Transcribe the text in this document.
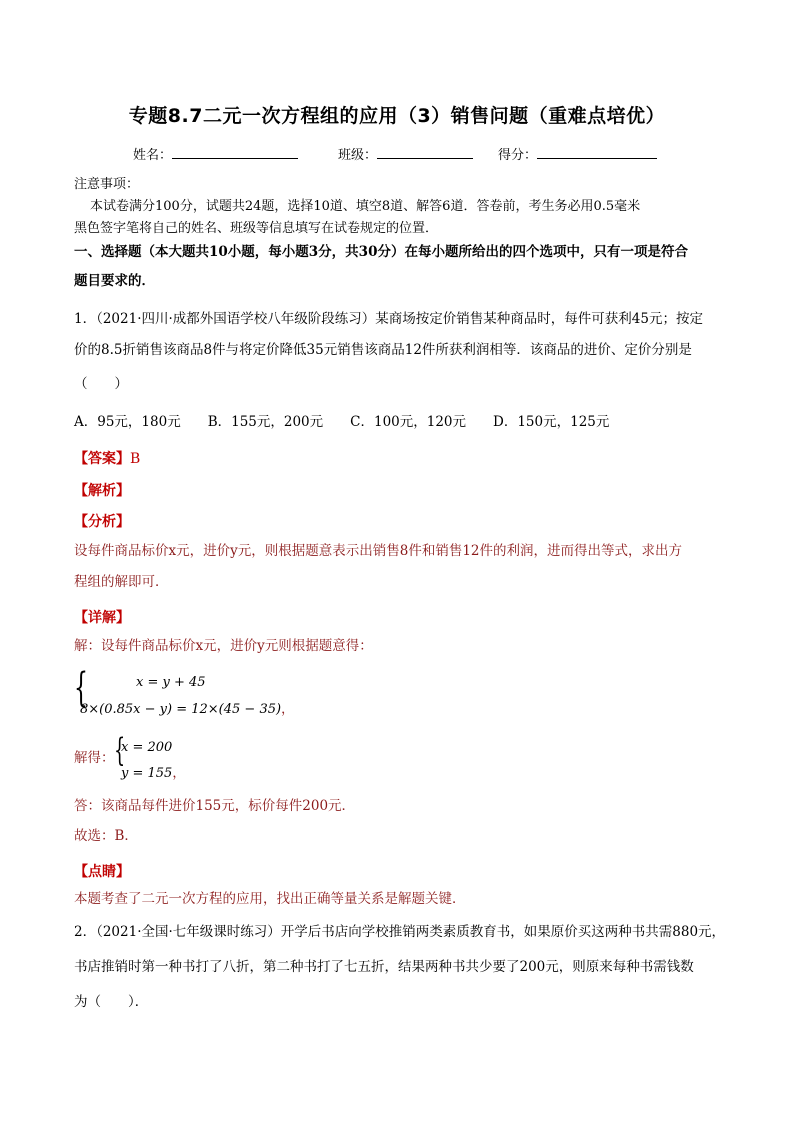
专题8.7二元一次方程组的应用（3）销售问题（重难点培优）
姓名：	班级：	得分：
注意事项：
本试卷满分100分，试题共24题，选择10道、填空8道、解答6道．答卷前，考生务必用0.5毫米
黑色签字笔将自己的姓名、班级等信息填写在试卷规定的位置．
一、选择题（本大题共10小题，每小题3分，共30分）在每小题所给出的四个选项中，只有一项是符合
题目要求的．
1．（2021·四川·成都外国语学校八年级阶段练习）某商场按定价销售某种商品时，每件可获利45元；按定
价的8.5折销售该商品8件与将定价降低35元销售该商品12件所获利润相等．该商品的进价、定价分别是
（　　）
A．95元，180元　　B．155元，200元　　C．100元，120元　　D．150元，125元
【答案】B
【解析】
【分析】
设每件商品标价x元，进价y元，则根据题意表示出销售8件和销售12件的利润，进而得出等式，求出方
程组的解即可．
【详解】
解：设每件商品标价x元，进价y元则根据题意得：
{	x = y + 45
8×(0.85x − y) = 12×(45 − 35)，
解得： {
x = 200
y = 155，
答：该商品每件进价155元，标价每件200元．
故选：B．
【点睛】
本题考查了二元一次方程的应用，找出正确等量关系是解题关键．
2．（2021·全国·七年级课时练习）开学后书店向学校推销两类素质教育书，如果原价买这两种书共需880元，
书店推销时第一种书打了八折，第二种书打了七五折，结果两种书共少要了200元，则原来每种书需钱数
为（　　）．
